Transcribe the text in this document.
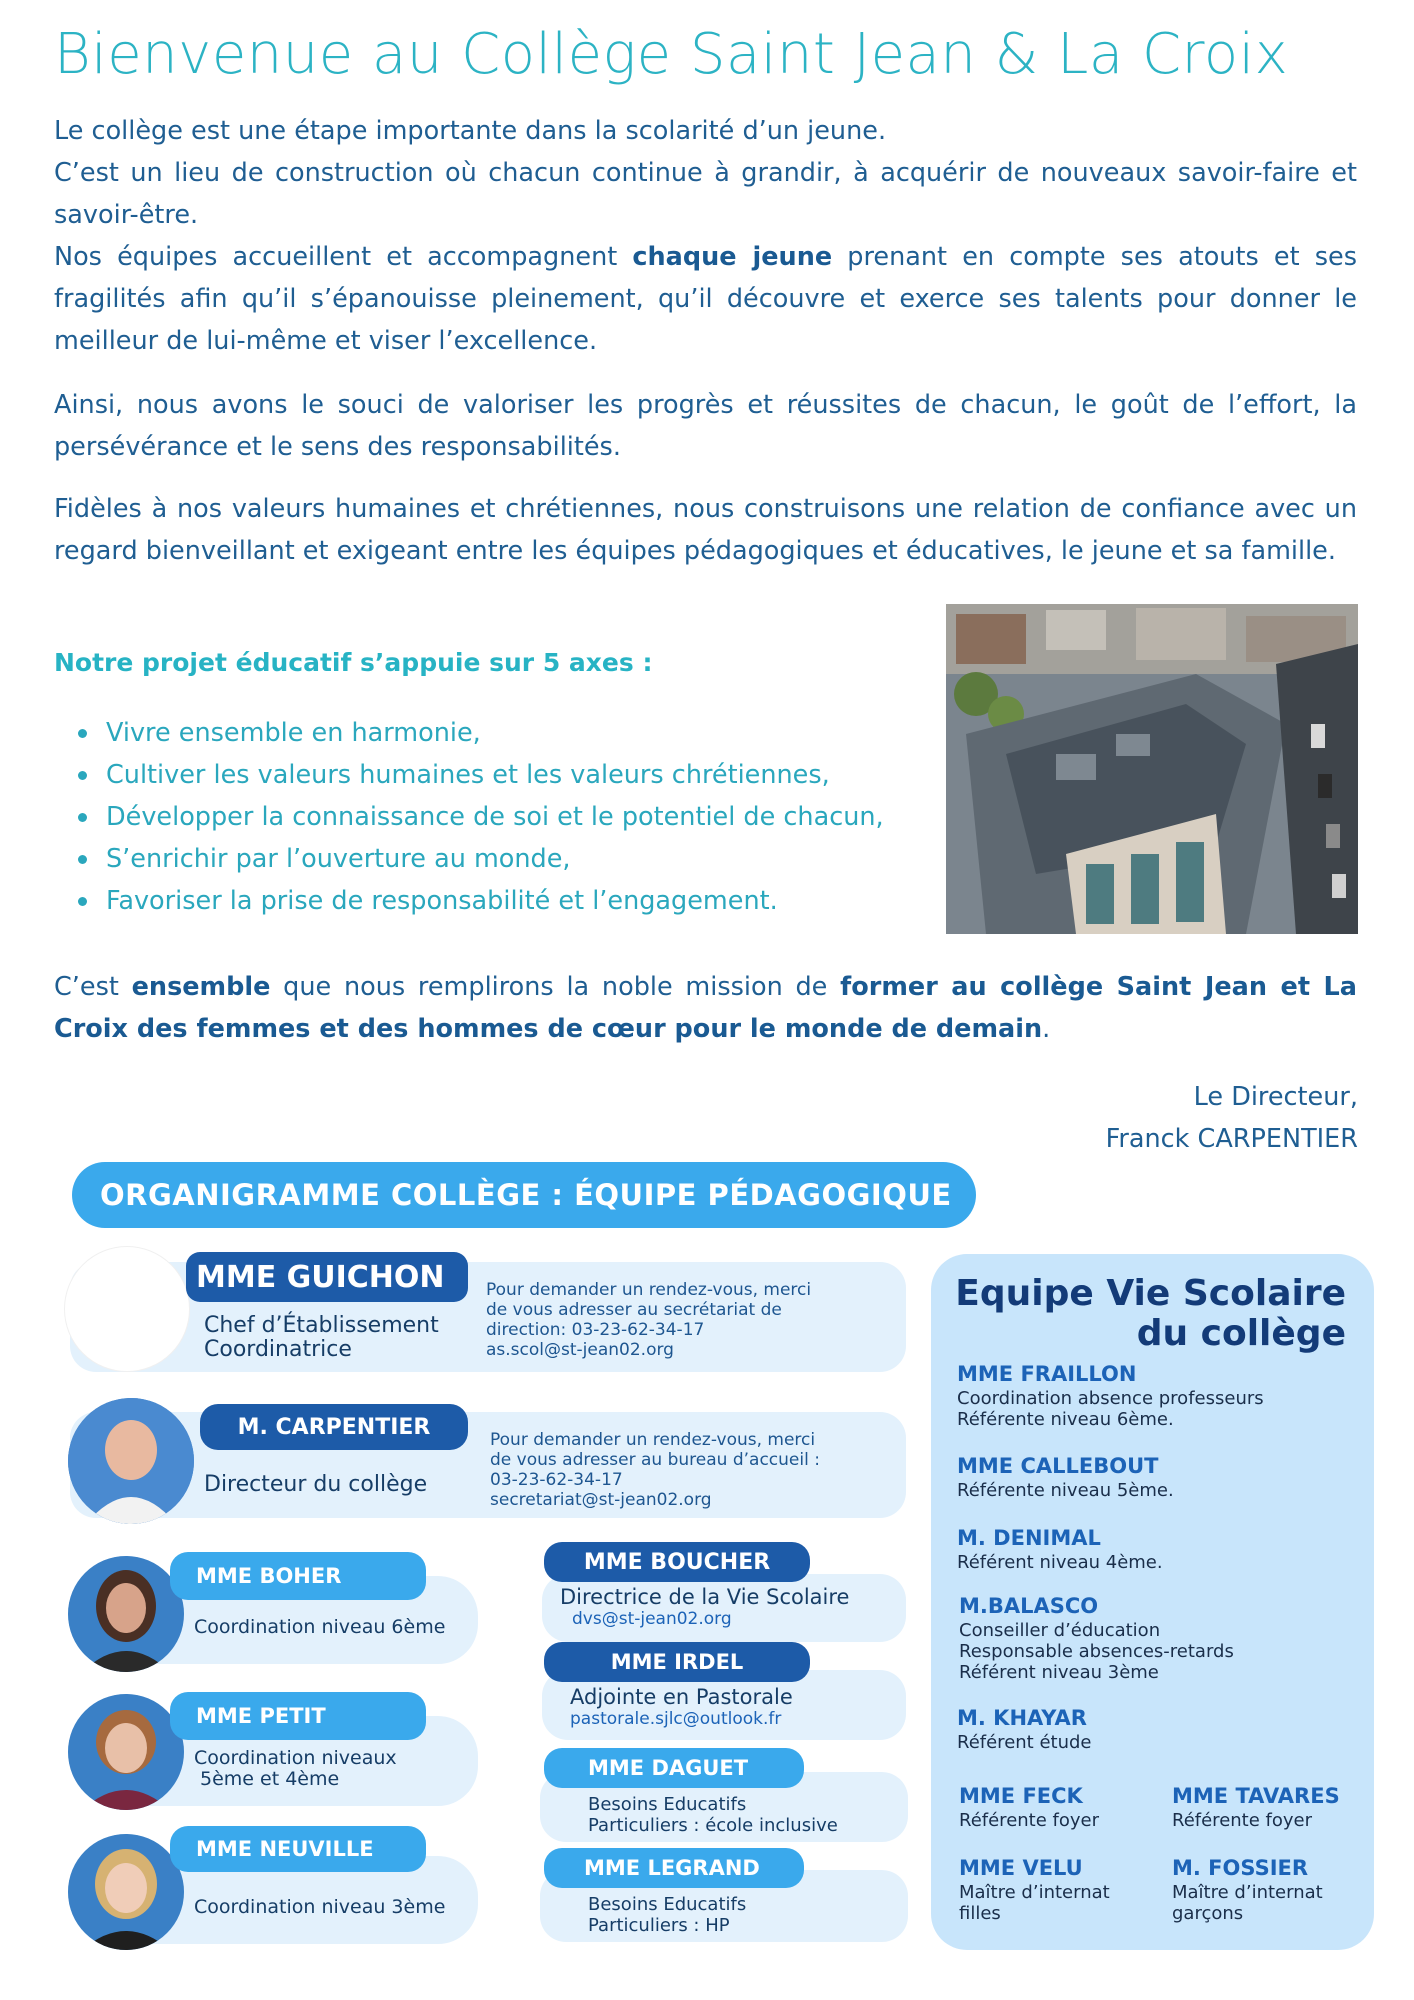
Bienvenue au Collège Saint Jean & La Croix
Le collège est une étape importante dans la scolarité d’un jeune.
C’est un lieu de construction où chacun continue à grandir, à acquérir de nouveaux savoir-faire et savoir-être.
Nos équipes accueillent et accompagnent chaque jeune prenant en compte ses atouts et ses fragilités afin qu’il s’épanouisse pleinement, qu’il découvre et exerce ses talents pour donner le meilleur de lui-même et viser l’excellence.
Ainsi, nous avons le souci de valoriser les progrès et réussites de chacun, le goût de l’effort, la persévérance et le sens des responsabilités.
Fidèles à nos valeurs humaines et chrétiennes, nous construisons une relation de confiance avec un regard bienveillant et exigeant entre les équipes pédagogiques et éducatives, le jeune et sa famille.
Notre projet éducatif s’appuie sur 5 axes :
Vivre ensemble en harmonie,
Cultiver les valeurs humaines et les valeurs chrétiennes,
Développer la connaissance de soi et le potentiel de chacun,
S’enrichir par l’ouverture au monde,
Favoriser la prise de responsabilité et l’engagement.
C’est ensemble que nous remplirons la noble mission de former au collège Saint Jean et La Croix des femmes et des hommes de cœur pour le monde de demain.
Le Directeur,
Franck CARPENTIER
ORGANIGRAMME COLLÈGE : ÉQUIPE PÉDAGOGIQUE
MME GUICHON
Chef d’Établissement
Coordinatrice
Pour demander un rendez-vous, merci
de vous adresser au secrétariat de
direction: 03-23-62-34-17
as.scol@st-jean02.org
M. CARPENTIER
Directeur du collège
Pour demander un rendez-vous, merci
de vous adresser au bureau d’accueil :
03-23-62-34-17
secretariat@st-jean02.org
MME BOHER
Coordination niveau 6ème
MME PETIT
Coordination niveaux
5ème et 4ème
MME NEUVILLE
Coordination niveau 3ème
MME BOUCHER
Directrice de la Vie Scolaire
dvs@st-jean02.org
MME IRDEL
Adjointe en Pastorale
pastorale.sjlc@outlook.fr
MME DAGUET
Besoins Educatifs
Particuliers : école inclusive
MME LEGRAND
Besoins Educatifs
Particuliers : HP
Equipe Vie Scolaire
du collège
MME FRAILLON
Coordination absence professeurs
Référente niveau 6ème.
MME CALLEBOUT
Référente niveau 5ème.
M. DENIMAL
Référent niveau 4ème.
M.BALASCO
Conseiller d’éducation
Responsable absences-retards
Référent niveau 3ème
M. KHAYAR
Référent étude
MME FECK
Référente foyer
MME TAVARES
Référente foyer
MME VELU
Maître d’internat
filles
M. FOSSIER
Maître d’internat
garçons
